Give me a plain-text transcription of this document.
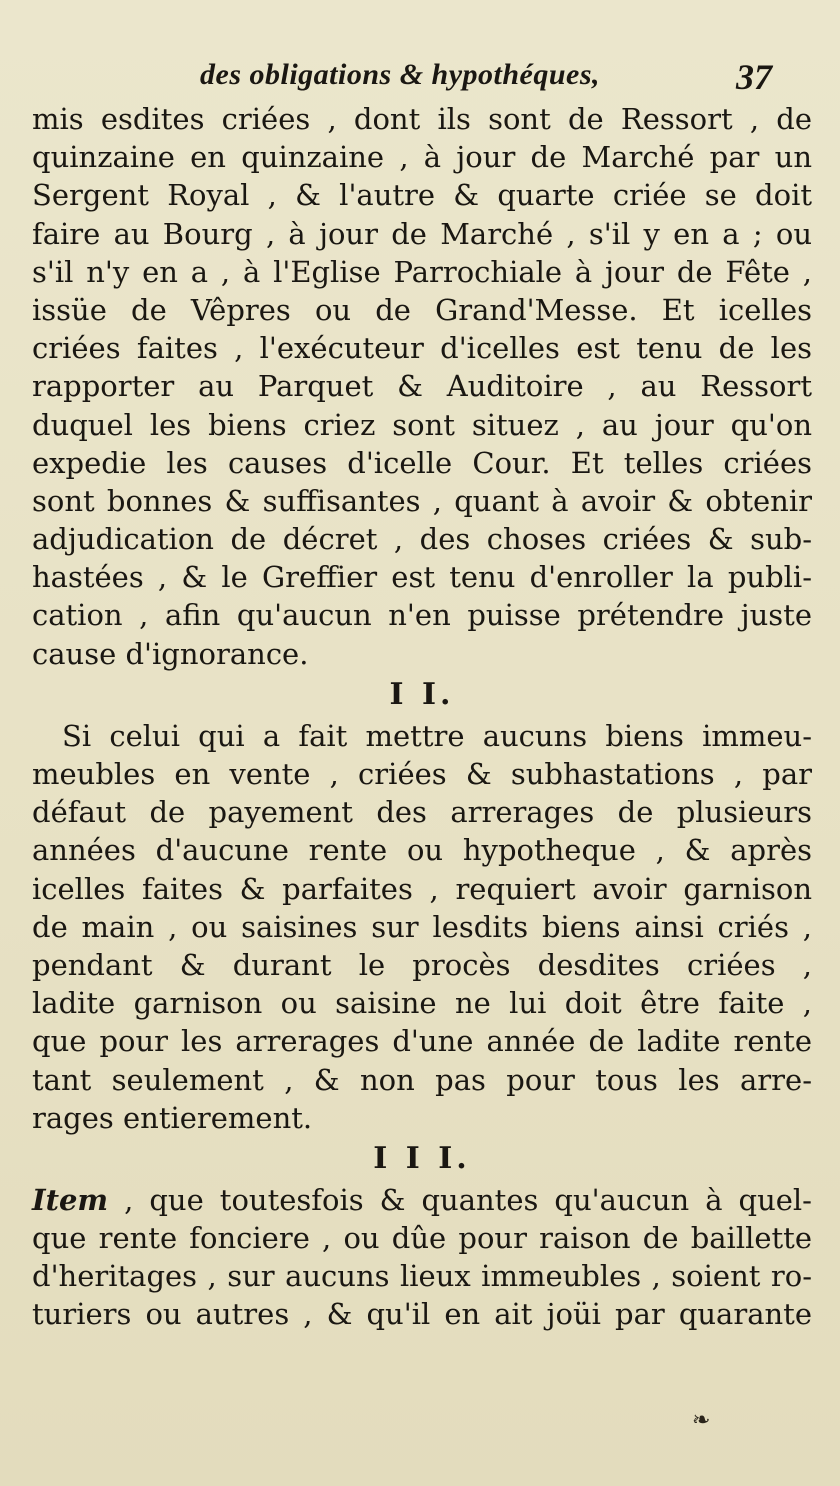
des obligations & hypothéques,	37
mis esdites criées , dont ils sont de Ressort , de
quinzaine en quinzaine , à jour de Marché par un
Sergent Royal , & l'autre & quarte criée se doit
faire au Bourg , à jour de Marché , s'il y en a ; ou
s'il n'y en a , à l'Eglise Parrochiale à jour de Fête ,
issüe de Vêpres ou de Grand'Messe. Et icelles
criées faites , l'exécuteur d'icelles est tenu de les
rapporter au Parquet & Auditoire , au Ressort
duquel les biens criez sont situez , au jour qu'on
expedie les causes d'icelle Cour. Et telles criées
sont bonnes & suffisantes , quant à avoir & obtenir
adjudication de décret , des choses criées & sub-
hastées , & le Greffier est tenu d'enroller la publi-
cation , afin qu'aucun n'en puisse prétendre juste
cause d'ignorance.
I I.
Si celui qui a fait mettre aucuns biens immeu-
meubles en vente , criées & subhastations , par
défaut de payement des arrerages de plusieurs
années d'aucune rente ou hypotheque , & après
icelles faites & parfaites , requiert avoir garnison
de main , ou saisines sur lesdits biens ainsi criés ,
pendant & durant le procès desdites criées ,
ladite garnison ou saisine ne lui doit être faite ,
que pour les arrerages d'une année de ladite rente
tant seulement , & non pas pour tous les arre-
rages entierement.
I I I.
Item , que toutesfois & quantes qu'aucun à quel-
que rente fonciere , ou dûe pour raison de baillette
d'heritages , sur aucuns lieux immeubles , soient ro-
turiers ou autres , & qu'il en ait joüi par quarante
❧
